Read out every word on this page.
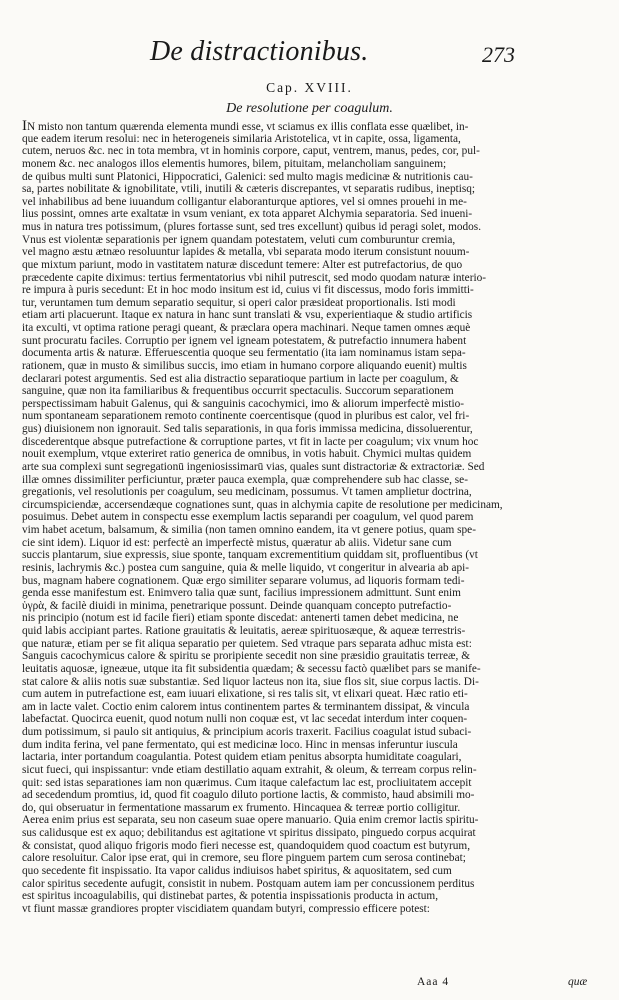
De distractionibus.	273
Cap. XVIII.
De resolutione per coagulum.
IN misto non tantum quærenda elementa mundi esse, vt sciamus ex illis conflata esse quælibet, in-
que eadem iterum resolui: nec in heterogeneis similaria Aristotelica, vt in capite, ossa, ligamenta,
cutem, neruos &c. nec in tota membra, vt in hominis corpore, caput, ventrem, manus, pedes, cor, pul-
monem &c. nec analogos illos elementis humores, bilem, pituitam, melancholiam sanguinem;
de quibus multi sunt Platonici, Hippocratici, Galenici: sed multo magis medicinæ & nutritionis cau-
sa, partes nobilitate & ignobilitate, vtili, inutili & cæteris discrepantes, vt separatis rudibus, ineptisq;
vel inhabilibus ad bene iuuandum colligantur elaboranturque aptiores, vel si omnes prouehi in me-
lius possint, omnes arte exaltatæ in vsum veniant, ex tota apparet Alchymia separatoria. Sed inueni-
mus in natura tres potissimum, (plures fortasse sunt, sed tres excellunt) quibus id peragi solet, modos.
Vnus est violentæ separationis per ignem quandam potestatem, veluti cum comburuntur cremia,
vel magno æstu ætnæo resoluuntur lapides & metalla, vbi separata modo iterum consistunt nouum-
que mixtum pariunt, modo in vastitatem naturæ discedunt temere: Alter est putrefactorius, de quo
præcedente capite diximus: tertius fermentatorius vbi nihil putrescit, sed modo quodam naturæ interio-
re impura à puris secedunt: Et in hoc modo insitum est id, cuius vi fit discessus, modo foris immitti-
tur, veruntamen tum demum separatio sequitur, si operi calor præsideat proportionalis. Isti modi
etiam arti placuerunt. Itaque ex natura in hanc sunt translati & vsu, experientiaque & studio artificis
ita exculti, vt optima ratione peragi queant, & præclara opera machinari. Neque tamen omnes æquè
sunt procuratu faciles. Corruptio per ignem vel igneam potestatem, & putrefactio innumera habent
documenta artis & naturæ. Efferuescentia quoque seu fermentatio (ita iam nominamus istam sepa-
rationem, quæ in musto & similibus succis, imo etiam in humano corpore aliquando euenit) multis
declarari potest argumentis. Sed est alia distractio separatioque partium in lacte per coagulum, &
sanguine, quæ non ita familiaribus & frequentibus occurrit spectaculis. Succorum separationem
perspectissimam habuit Galenus, qui & sanguinis cacochymici, imo & aliorum imperfectè mistio-
num spontaneam separationem remoto continente coercentisque (quod in pluribus est calor, vel fri-
gus) diuisionem non ignorauit. Sed talis separationis, in qua foris immissa medicina, dissoluerentur,
discederentque absque putrefactione & corruptione partes, vt fit in lacte per coagulum; vix vnum hoc
nouit exemplum, vtque exteriret ratio generica de omnibus, in votis habuit. Chymici multas quidem
arte sua complexi sunt segregationū ingeniosissimarū vias, quales sunt distractoriæ & extractoriæ. Sed
illæ omnes dissimiliter perficiuntur, præter pauca exempla, quæ comprehendere sub hac classe, se-
gregationis, vel resolutionis per coagulum, seu medicinam, possumus. Vt tamen amplietur doctrina,
circumspiciendæ, accersendæque cognationes sunt, quas in alchymia capite de resolutione per medicinam,
posuimus. Debet autem in conspectu esse exemplum lactis separandi per coagulum, vel quod parem
vim habet acetum, balsamum, & similia (non tamen omnino eandem, ita vt genere potius, quam spe-
cie sint idem). Liquor id est: perfectè an imperfectè mistus, quæratur ab aliis. Videtur sane cum
succis plantarum, siue expressis, siue sponte, tanquam excrementitium quiddam sit, profluentibus (vt
resinis, lachrymis &c.) postea cum sanguine, quia & melle liquido, vt congeritur in alvearia ab api-
bus, magnam habere cognationem. Quæ ergo similiter separare volumus, ad liquoris formam tedi-
genda esse manifestum est. Enimvero talia quæ sunt, facilius impressionem admittunt. Sunt enim
ὑγρὰ, & facilè diuidi in minima, penetrarique possunt. Deinde quanquam concepto putrefactio-
nis principio (notum est id facile fieri) etiam sponte discedat: antenerti tamen debet medicina, ne
quid labis accipiant partes. Ratione grauitatis & leuitatis, aereæ spirituosæque, & aqueæ terrestris-
que naturæ, etiam per se fit aliqua separatio per quietem. Sed vtraque pars separata adhuc mista est:
Sanguis cacochymicus calore & spiritu se proripiente secedit non sine præsidio grauitatis terreæ, &
leuitatis aquosæ, igneæue, utque ita fit subsidentia quædam; & secessu factò quælibet pars se manife-
stat calore & aliis notis suæ substantiæ. Sed liquor lacteus non ita, siue flos sit, siue corpus lactis. Di-
cum autem in putrefactione est, eam iuuari elixatione, si res talis sit, vt elixari queat. Hæc ratio eti-
am in lacte valet. Coctio enim calorem intus continentem partes & terminantem dissipat, & vincula
labefactat. Quocirca euenit, quod notum nulli non coquæ est, vt lac secedat interdum inter coquen-
dum potissimum, si paulo sit antiquius, & principium acoris traxerit. Facilius coagulat istud subaci-
dum indita ferina, vel pane fermentato, qui est medicinæ loco. Hinc in mensas inferuntur iuscula
lactaria, inter portandum coagulantia. Potest quidem etiam penitus absorpta humiditate coagulari,
sicut fueci, qui inspissantur: vnde etiam destillatio aquam extrahit, & oleum, & terream corpus relin-
quit: sed istas separationes iam non quærimus. Cum itaque calefactum lac est, procliuitatem accepit
ad secedendum promtius, id, quod fit coagulo diluto portione lactis, & commisto, haud absimili mo-
do, qui obseruatur in fermentatione massarum ex frumento. Hincaquea & terreæ portio colligitur.
Aerea enim prius est separata, seu non caseum suae opere manuario. Quia enim cremor lactis spiritu-
sus calidusque est ex aquo; debilitandus est agitatione vt spiritus dissipato, pinguedo corpus acquirat
& consistat, quod aliquo frigoris modo fieri necesse est, quandoquidem quod coactum est butyrum,
calore resoluitur. Calor ipse erat, qui in cremore, seu flore pinguem partem cum serosa continebat;
quo secedente fit inspissatio. Ita vapor calidus indiuisos habet spiritus, & aquositatem, sed cum
calor spiritus secedente aufugit, consistit in nubem. Postquam autem iam per concussionem perditus
est spiritus incoagulabilis, qui distinebat partes, & potentia inspissationis producta in actum,
vt fiunt massæ grandiores propter viscidiatem quandam butyri, compressio efficere potest:
Aaa 4	quæ
